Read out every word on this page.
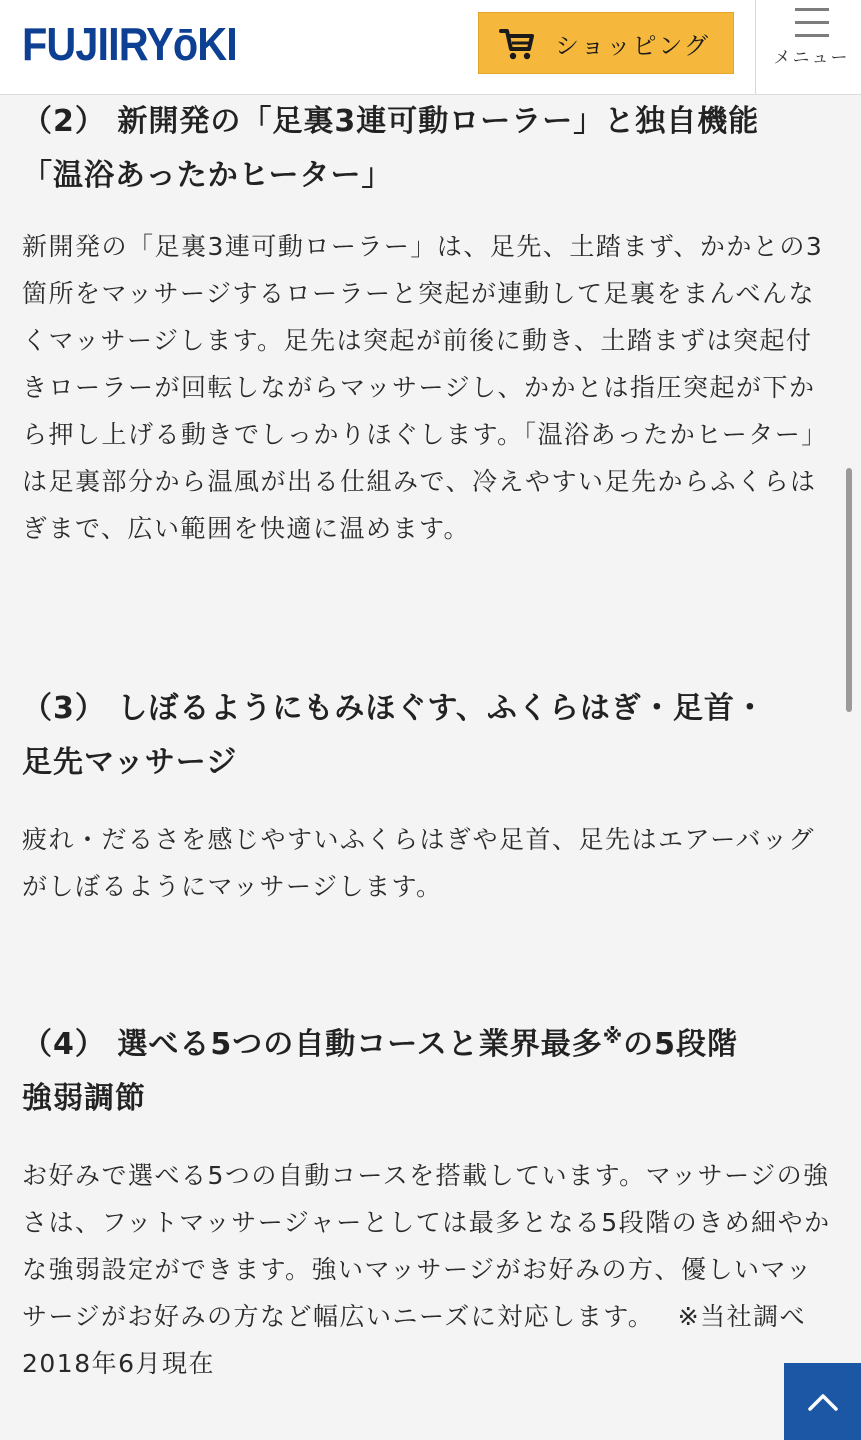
FUJIIRYōKI	ショッピング	メニュー
（2） 新開発の「足裏3連可動ローラー」と独自機能
「温浴あったかヒーター」

新開発の「足裏3連可動ローラー」は、足先、土踏まず、かかとの3箇所をマッサージするローラーと突起が連動して足裏をまんべんなくマッサージします。足先は突起が前後に動き、土踏まずは突起付きローラーが回転しながらマッサージし、かかとは指圧突起が下から押し上げる動きでしっかりほぐします。「温浴あったかヒーター」は足裏部分から温風が出る仕組みで、冷えやすい足先からふくらはぎまで、広い範囲を快適に温めます。

（3） しぼるようにもみほぐす、ふくらはぎ・足首・
足先マッサージ

疲れ・だるさを感じやすいふくらはぎや足首、足先はエアーバッグがしぼるようにマッサージします。

（4） 選べる5つの自動コースと業界最多※の5段階
強弱調節

お好みで選べる5つの自動コースを搭載しています。マッサージの強さは、フットマッサージャーとしては最多となる5段階のきめ細やかな強弱設定ができます。強いマッサージがお好みの方、優しいマッサージがお好みの方など幅広いニーズに対応します。　 ※当社調べ2018年6月現在
